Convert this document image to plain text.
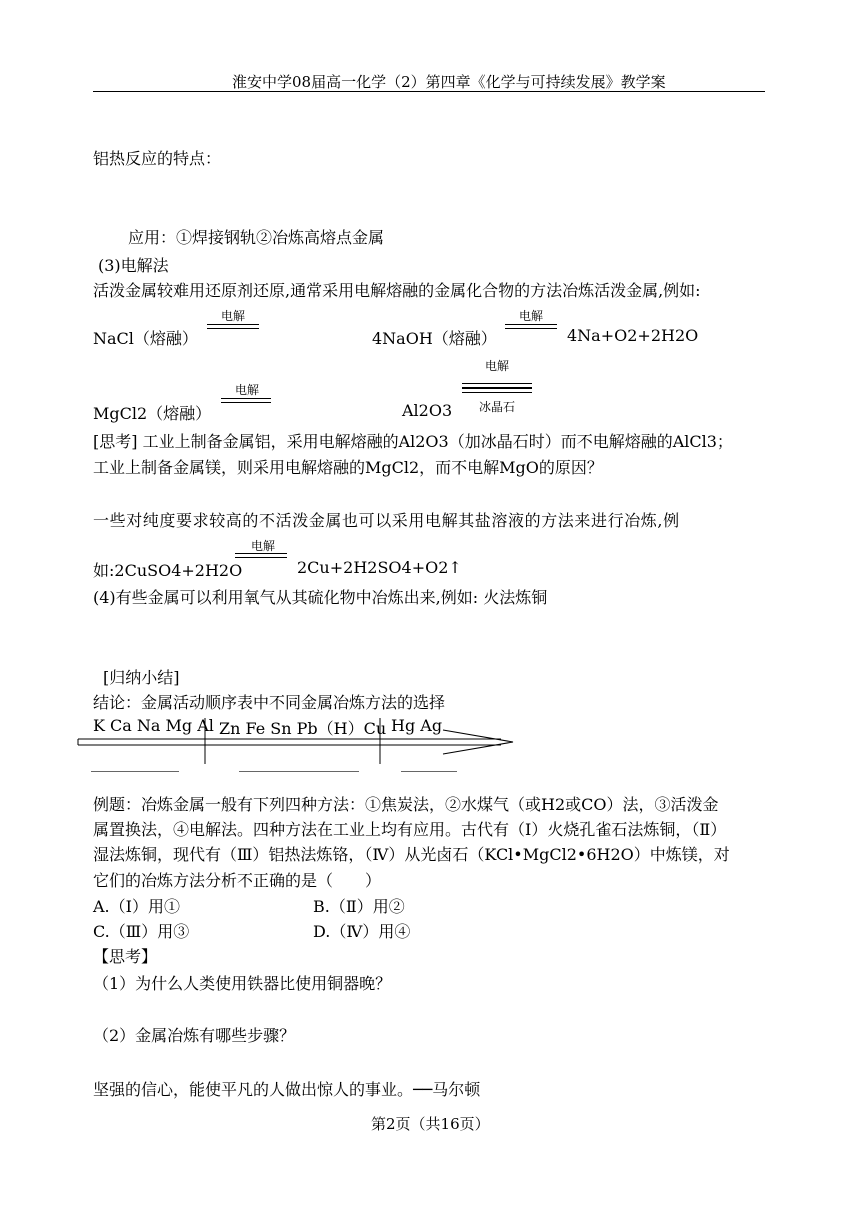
淮安中学08届高一化学（2）第四章《化学与可持续发展》教学案
铝热反应的特点：
应用：①焊接钢轨②冶炼高熔点金属
(3)电解法
活泼金属较难用还原剂还原,通常采用电解熔融的金属化合物的方法冶炼活泼金属,例如:
NaCl（熔融）
电解
4NaOH（熔融）
电解
4Na+O2+2H2O
电解
冰晶石
电解
MgCl2（熔融）	Al2O3
[思考] 工业上制备金属铝，采用电解熔融的Al2O3（加冰晶石时）而不电解熔融的AlCl3；
工业上制备金属镁，则采用电解熔融的MgCl2，而不电解MgO的原因？
一些对纯度要求较高的不活泼金属也可以采用电解其盐溶液的方法来进行冶炼,例
电解
如:2CuSO4+2H2O	2Cu+2H2SO4+O2↑
(4)有些金属可以利用氧气从其硫化物中冶炼出来,例如: 火法炼铜
[归纳小结]
结论：金属活动顺序表中不同金属冶炼方法的选择
K Ca Na Mg Al Zn Fe Sn Pb（H）Cu Hg Ag
___________	_______________	_______
例题：冶炼金属一般有下列四种方法：①焦炭法，②水煤气（或H2或CO）法，③活泼金
属置换法，④电解法。四种方法在工业上均有应用。古代有（Ⅰ）火烧孔雀石法炼铜，（Ⅱ）
湿法炼铜，现代有（Ⅲ）铝热法炼铬，（Ⅳ）从光卤石（KCl•MgCl2•6H2O）中炼镁，对
它们的冶炼方法分析不正确的是（　　）
A.（Ⅰ）用①	B.（Ⅱ）用②
C.（Ⅲ）用③	D.（Ⅳ）用④
【思考】
（1）为什么人类使用铁器比使用铜器晚？
（2）金属冶炼有哪些步骤？
坚强的信心，能使平凡的人做出惊人的事业。──马尔顿
第2页（共16页）
